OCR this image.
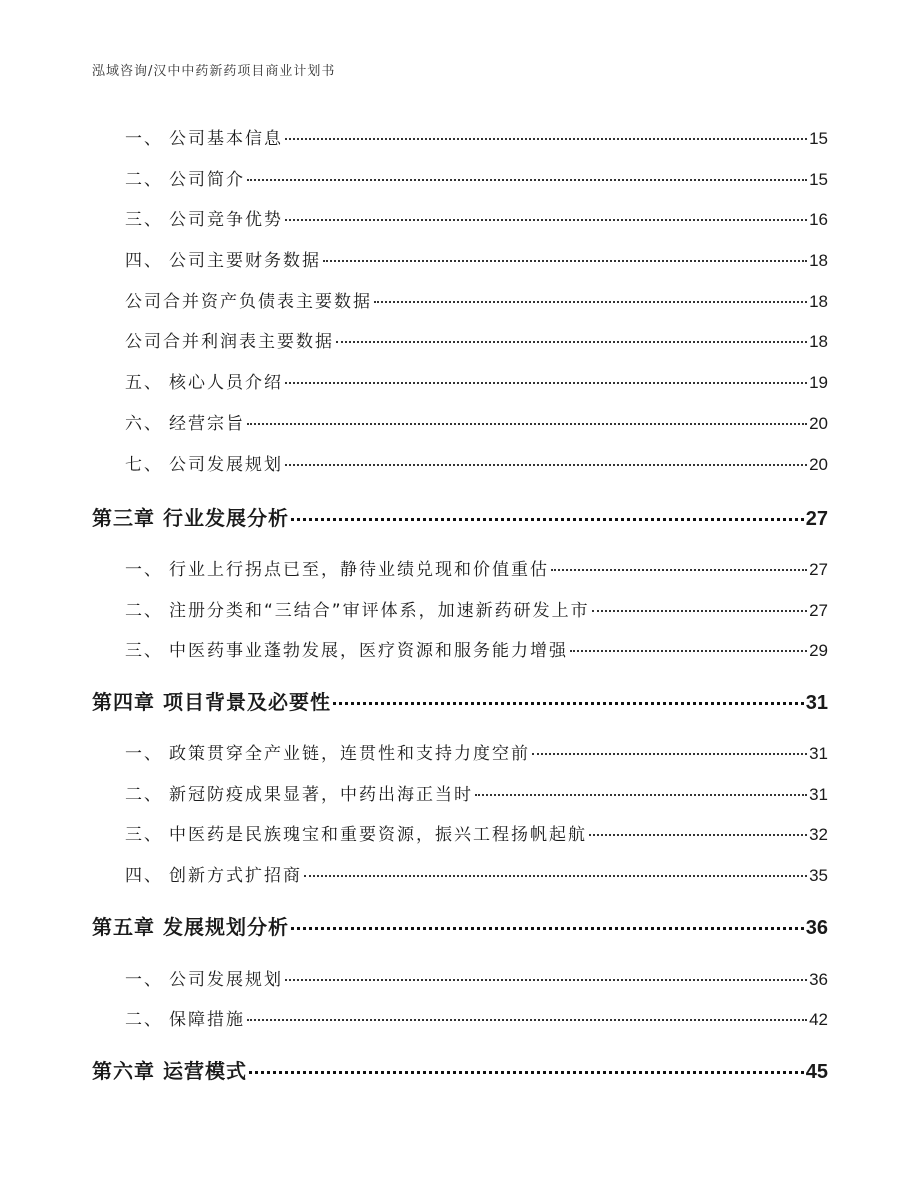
泓域咨询/汉中中药新药项目商业计划书
一、 公司基本信息	15
二、 公司简介	15
三、 公司竞争优势	16
四、 公司主要财务数据	18
公司合并资产负债表主要数据	18
公司合并利润表主要数据	18
五、 核心人员介绍	19
六、 经营宗旨	20
七、 公司发展规划	20
第三章 行业发展分析	27
一、 行业上行拐点已至，静待业绩兑现和价值重估	27
二、 注册分类和“三结合”审评体系，加速新药研发上市	27
三、 中医药事业蓬勃发展，医疗资源和服务能力增强	29
第四章 项目背景及必要性	31
一、 政策贯穿全产业链，连贯性和支持力度空前	31
二、 新冠防疫成果显著，中药出海正当时	31
三、 中医药是民族瑰宝和重要资源，振兴工程扬帆起航	32
四、 创新方式扩招商	35
第五章 发展规划分析	36
一、 公司发展规划	36
二、 保障措施	42
第六章 运营模式	45
